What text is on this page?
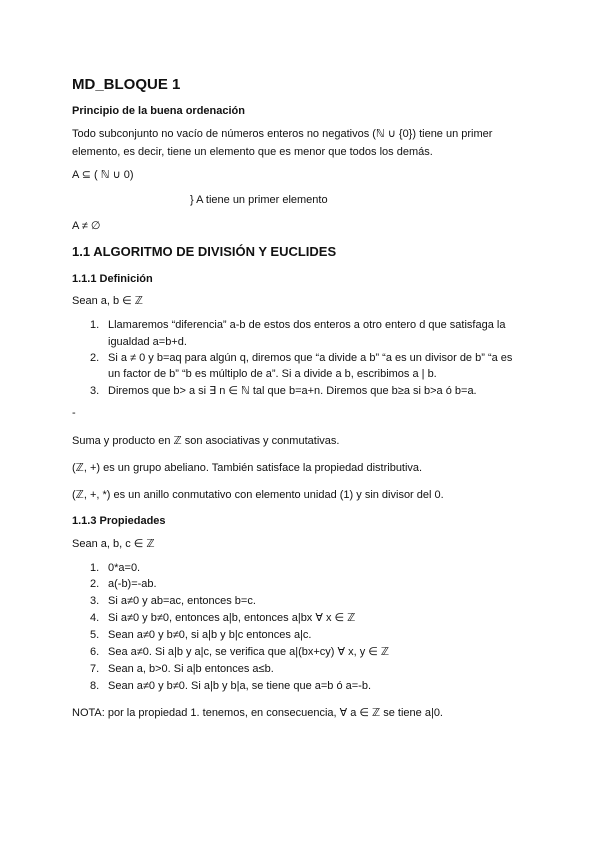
MD_BLOQUE 1
Principio de la buena ordenación
Todo subconjunto no vacío de números enteros no negativos (ℕ ∪ {0}) tiene un primer
elemento, es decir, tiene un elemento que es menor que todos los demás.
A ⊆ ( ℕ ∪ 0)
} A tiene un primer elemento
A ≠ ∅
1.1 ALGORITMO DE DIVISIÓN Y EUCLIDES
1.1.1 Definición
Sean a, b ∈ ℤ
1. Llamaremos “diferencia” a-b de estos dos enteros a otro entero d que satisfaga la
igualdad a=b+d.
2. Si a ≠ 0 y b=aq para algún q, diremos que “a divide a b” “a es un divisor de b” “a es
un factor de b” “b es múltiplo de a”. Si a divide a b, escribimos a | b.
3. Diremos que b> a si ∃ n ∈ ℕ tal que b=a+n. Diremos que b≥a si b>a ó b=a.
-
Suma y producto en ℤ son asociativas y conmutativas.
(ℤ, +) es un grupo abeliano. También satisface la propiedad distributiva.
(ℤ, +, *) es un anillo conmutativo con elemento unidad (1) y sin divisor del 0.
1.1.3 Propiedades
Sean a, b, c ∈ ℤ
1. 0*a=0.
2. a(-b)=-ab.
3. Si a≠0 y ab=ac, entonces b=c.
4. Si a≠0 y b≠0, entonces a|b, entonces a|bx ∀ x ∈ ℤ
5. Sean a≠0 y b≠0, si a|b y b|c entonces a|c.
6. Sea a≠0. Si a|b y a|c, se verifica que a|(bx+cy) ∀ x, y ∈ ℤ
7. Sean a, b>0. Si a|b entonces a≤b.
8. Sean a≠0 y b≠0. Si a|b y b|a, se tiene que a=b ó a=-b.
NOTA: por la propiedad 1. tenemos, en consecuencia, ∀ a ∈ ℤ se tiene a|0.
